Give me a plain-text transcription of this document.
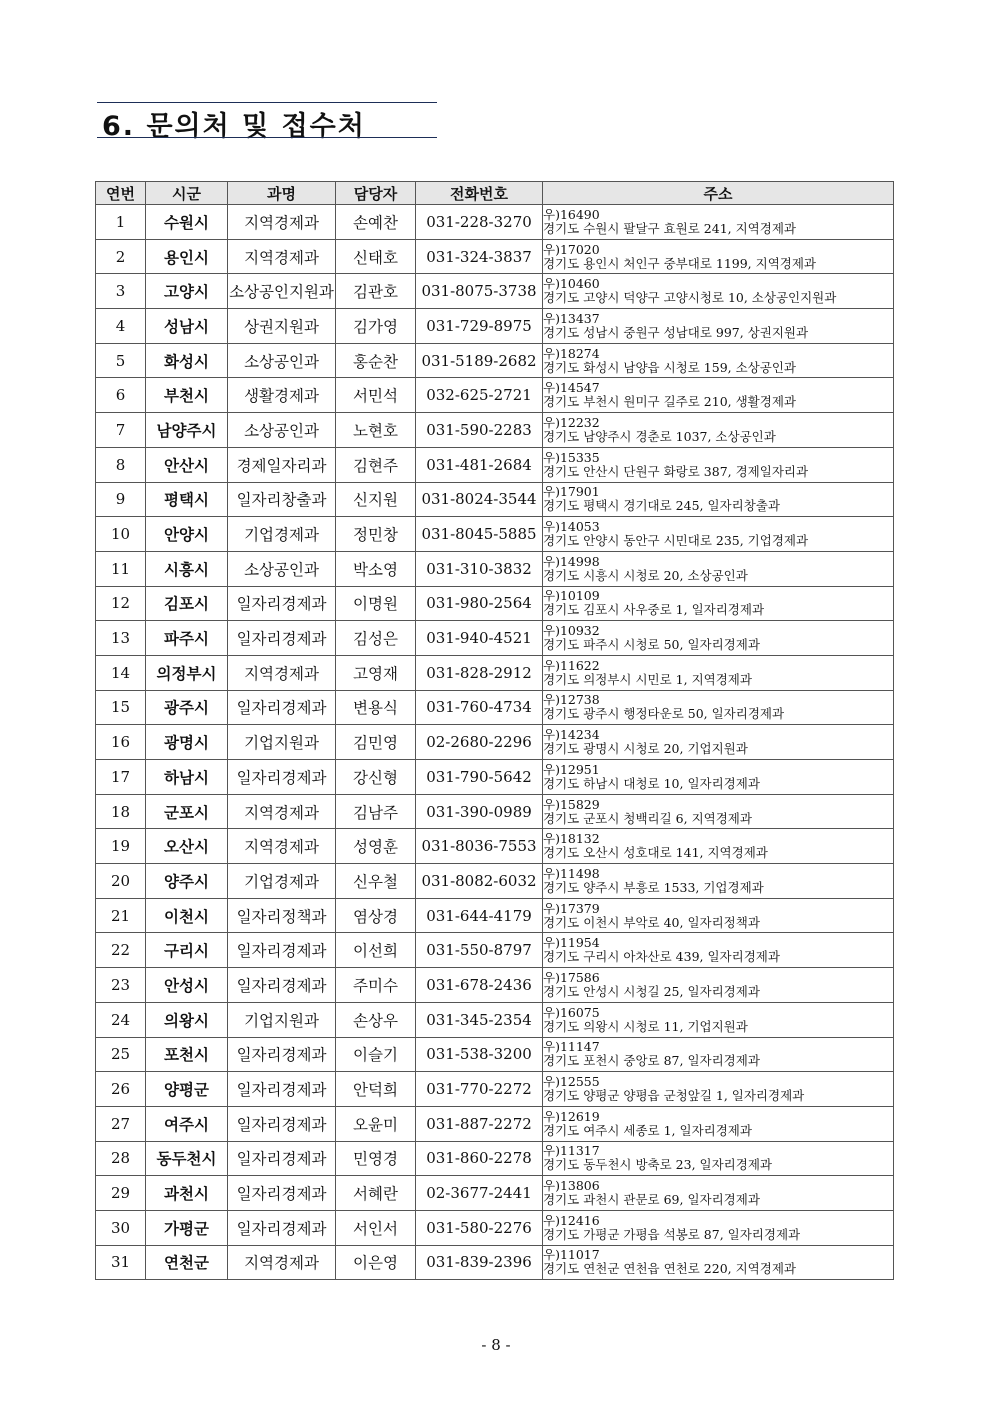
6. 문의처 및 접수처
연번	시군	과명	담당자	전화번호	주소
1	수원시	지역경제과	손예찬	031-228-3270	우)16490
경기도 수원시 팔달구 효원로 241, 지역경제과

2	용인시	지역경제과	신태호	031-324-3837	우)17020
경기도 용인시 처인구 중부대로 1199, 지역경제과

3	고양시	소상공인지원과	김관호	031-8075-3738	우)10460
경기도 고양시 덕양구 고양시청로 10, 소상공인지원과

4	성남시	상권지원과	김가영	031-729-8975	우)13437
경기도 성남시 중원구 성남대로 997, 상권지원과

5	화성시	소상공인과	홍순찬	031-5189-2682	우)18274
경기도 화성시 남양읍 시청로 159, 소상공인과

6	부천시	생활경제과	서민석	032-625-2721	우)14547
경기도 부천시 원미구 길주로 210, 생활경제과

7	남양주시	소상공인과	노현호	031-590-2283	우)12232
경기도 남양주시 경춘로 1037, 소상공인과

8	안산시	경제일자리과	김현주	031-481-2684	우)15335
경기도 안산시 단원구 화랑로 387, 경제일자리과

9	평택시	일자리창출과	신지원	031-8024-3544	우)17901
경기도 평택시 경기대로 245, 일자리창출과

10	안양시	기업경제과	정민창	031-8045-5885	우)14053
경기도 안양시 동안구 시민대로 235, 기업경제과

11	시흥시	소상공인과	박소영	031-310-3832	우)14998
경기도 시흥시 시청로 20, 소상공인과

12	김포시	일자리경제과	이명원	031-980-2564	우)10109
경기도 김포시 사우중로 1, 일자리경제과

13	파주시	일자리경제과	김성은	031-940-4521	우)10932
경기도 파주시 시청로 50, 일자리경제과

14	의정부시	지역경제과	고영재	031-828-2912	우)11622
경기도 의정부시 시민로 1, 지역경제과

15	광주시	일자리경제과	변용식	031-760-4734	우)12738
경기도 광주시 행정타운로 50, 일자리경제과

16	광명시	기업지원과	김민영	02-2680-2296	우)14234
경기도 광명시 시청로 20, 기업지원과

17	하남시	일자리경제과	강신형	031-790-5642	우)12951
경기도 하남시 대청로 10, 일자리경제과

18	군포시	지역경제과	김남주	031-390-0989	우)15829
경기도 군포시 청백리길 6, 지역경제과

19	오산시	지역경제과	성영훈	031-8036-7553	우)18132
경기도 오산시 성호대로 141, 지역경제과

20	양주시	기업경제과	신우철	031-8082-6032	우)11498
경기도 양주시 부흥로 1533, 기업경제과

21	이천시	일자리정책과	염상경	031-644-4179	우)17379
경기도 이천시 부악로 40, 일자리정책과

22	구리시	일자리경제과	이선희	031-550-8797	우)11954
경기도 구리시 아차산로 439, 일자리경제과

23	안성시	일자리경제과	주미수	031-678-2436	우)17586
경기도 안성시 시청길 25, 일자리경제과

24	의왕시	기업지원과	손상우	031-345-2354	우)16075
경기도 의왕시 시청로 11, 기업지원과

25	포천시	일자리경제과	이슬기	031-538-3200	우)11147
경기도 포천시 중앙로 87, 일자리경제과

26	양평군	일자리경제과	안덕희	031-770-2272	우)12555
경기도 양평군 양평읍 군청앞길 1, 일자리경제과

27	여주시	일자리경제과	오윤미	031-887-2272	우)12619
경기도 여주시 세종로 1, 일자리경제과

28	동두천시	일자리경제과	민영경	031-860-2278	우)11317
경기도 동두천시 방축로 23, 일자리경제과

29	과천시	일자리경제과	서혜란	02-3677-2441	우)13806
경기도 과천시 관문로 69, 일자리경제과

30	가평군	일자리경제과	서인서	031-580-2276	우)12416
경기도 가평군 가평읍 석봉로 87, 일자리경제과

31	연천군	지역경제과	이은영	031-839-2396	우)11017
경기도 연천군 연천읍 연천로 220, 지역경제과
- 8 -
